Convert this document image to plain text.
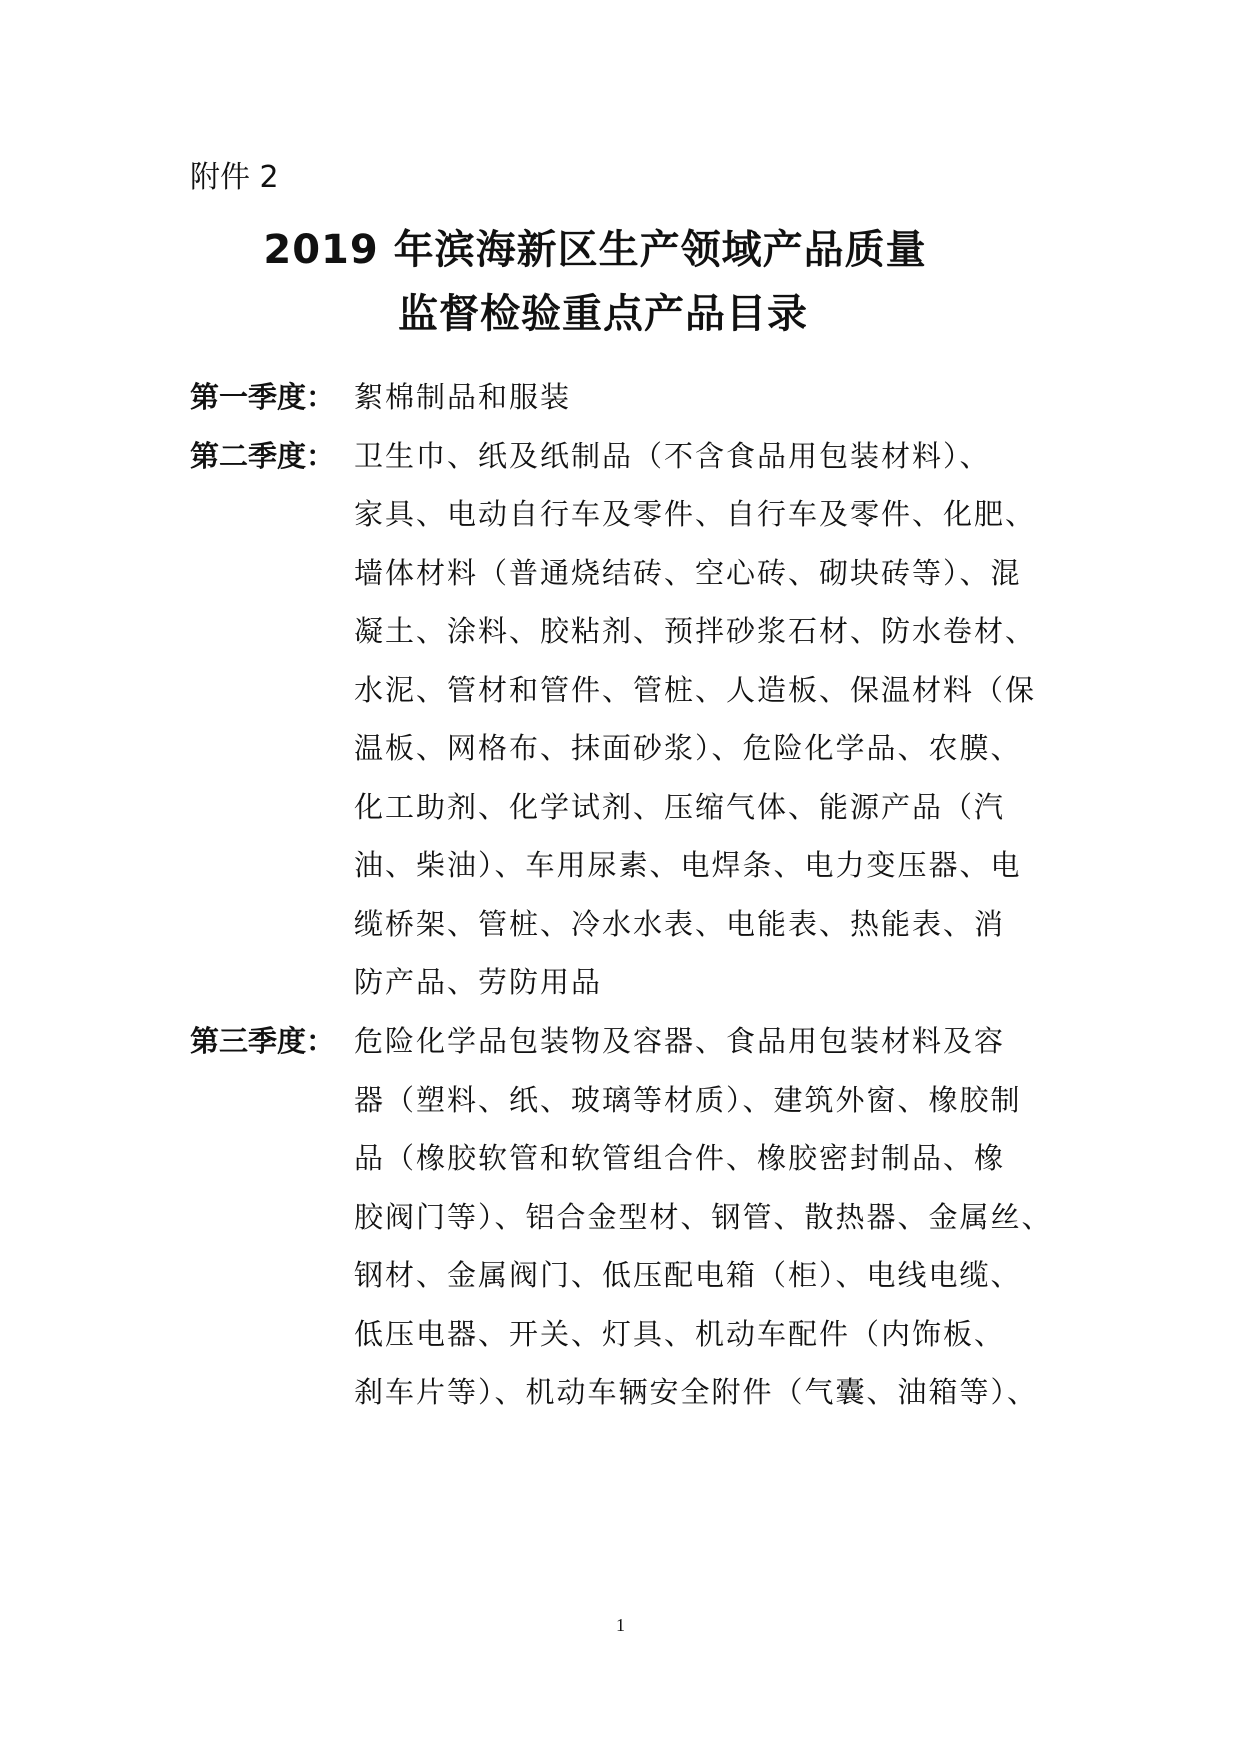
附件 2
2019 年滨海新区生产领域产品质量
监督检验重点产品目录
第一季度： 絮棉制品和服装
第二季度： 卫生巾、纸及纸制品（不含食品用包装材料）、
家具、电动自行车及零件、自行车及零件、化肥、
墙体材料（普通烧结砖、空心砖、砌块砖等）、混
凝土、涂料、胶粘剂、预拌砂浆石材、防水卷材、
水泥、管材和管件、管桩、人造板、保温材料（保
温板、网格布、抹面砂浆）、危险化学品、农膜、
化工助剂、化学试剂、压缩气体、能源产品（汽
油、柴油）、车用尿素、电焊条、电力变压器、电
缆桥架、管桩、冷水水表、电能表、热能表、消
防产品、劳防用品
第三季度： 危险化学品包装物及容器、食品用包装材料及容
器（塑料、纸、玻璃等材质）、建筑外窗、橡胶制
品（橡胶软管和软管组合件、橡胶密封制品、橡
胶阀门等）、铝合金型材、钢管、散热器、金属丝、
钢材、金属阀门、低压配电箱（柜）、电线电缆、
低压电器、开关、灯具、机动车配件（内饰板、
刹车片等）、机动车辆安全附件（气囊、油箱等）、
1
